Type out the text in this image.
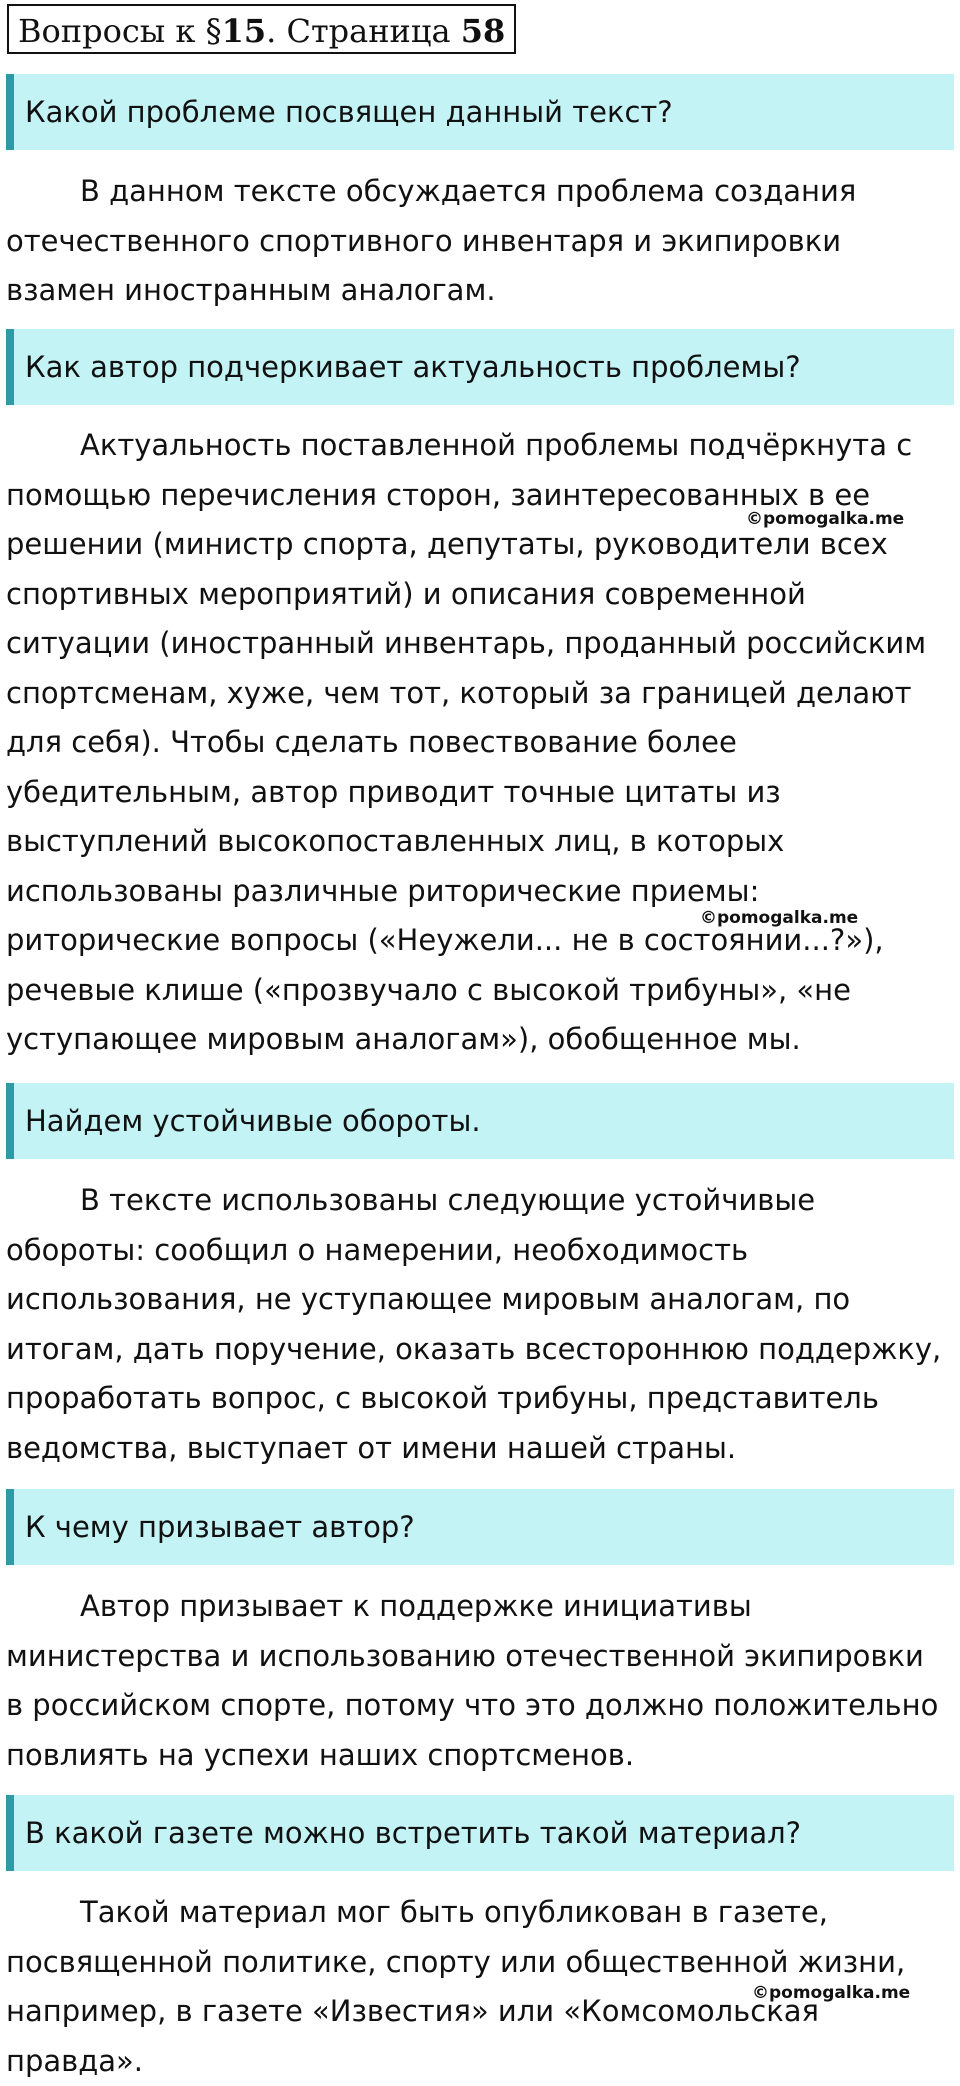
Вопросы к §15. Страница 58
Какой проблеме посвящен данный текст?
В данном тексте обсуждается проблема создания
отечественного спортивного инвентаря и экипировки
взамен иностранным аналогам.
Как автор подчеркивает актуальность проблемы?
Актуальность поставленной проблемы подчёркнута с
помощью перечисления сторон, заинтересованных в ее
решении (министр спорта, депутаты, руководители всех
спортивных мероприятий) и описания современной
ситуации (иностранный инвентарь, проданный российским
спортсменам, хуже, чем тот, который за границей делают
для себя). Чтобы сделать повествование более
убедительным, автор приводит точные цитаты из
выступлений высокопоставленных лиц, в которых
использованы различные риторические приемы:
риторические вопросы («Неужели... не в состоянии...?»),
речевые клише («прозвучало с высокой трибуны», «не
уступающее мировым аналогам»), обобщенное мы.
Найдем устойчивые обороты.
В тексте использованы следующие устойчивые
обороты: сообщил о намерении, необходимость
использования, не уступающее мировым аналогам, по
итогам, дать поручение, оказать всестороннюю поддержку,
проработать вопрос, с высокой трибуны, представитель
ведомства, выступает от имени нашей страны.
К чему призывает автор?
Автор призывает к поддержке инициативы
министерства и использованию отечественной экипировки
в российском спорте, потому что это должно положительно
повлиять на успехи наших спортсменов.
В какой газете можно встретить такой материал?
Такой материал мог быть опубликован в газете,
посвященной политике, спорту или общественной жизни,
например, в газете «Известия» или «Комсомольская
правда».
©pomogalka.me
©pomogalka.me
©pomogalka.me
